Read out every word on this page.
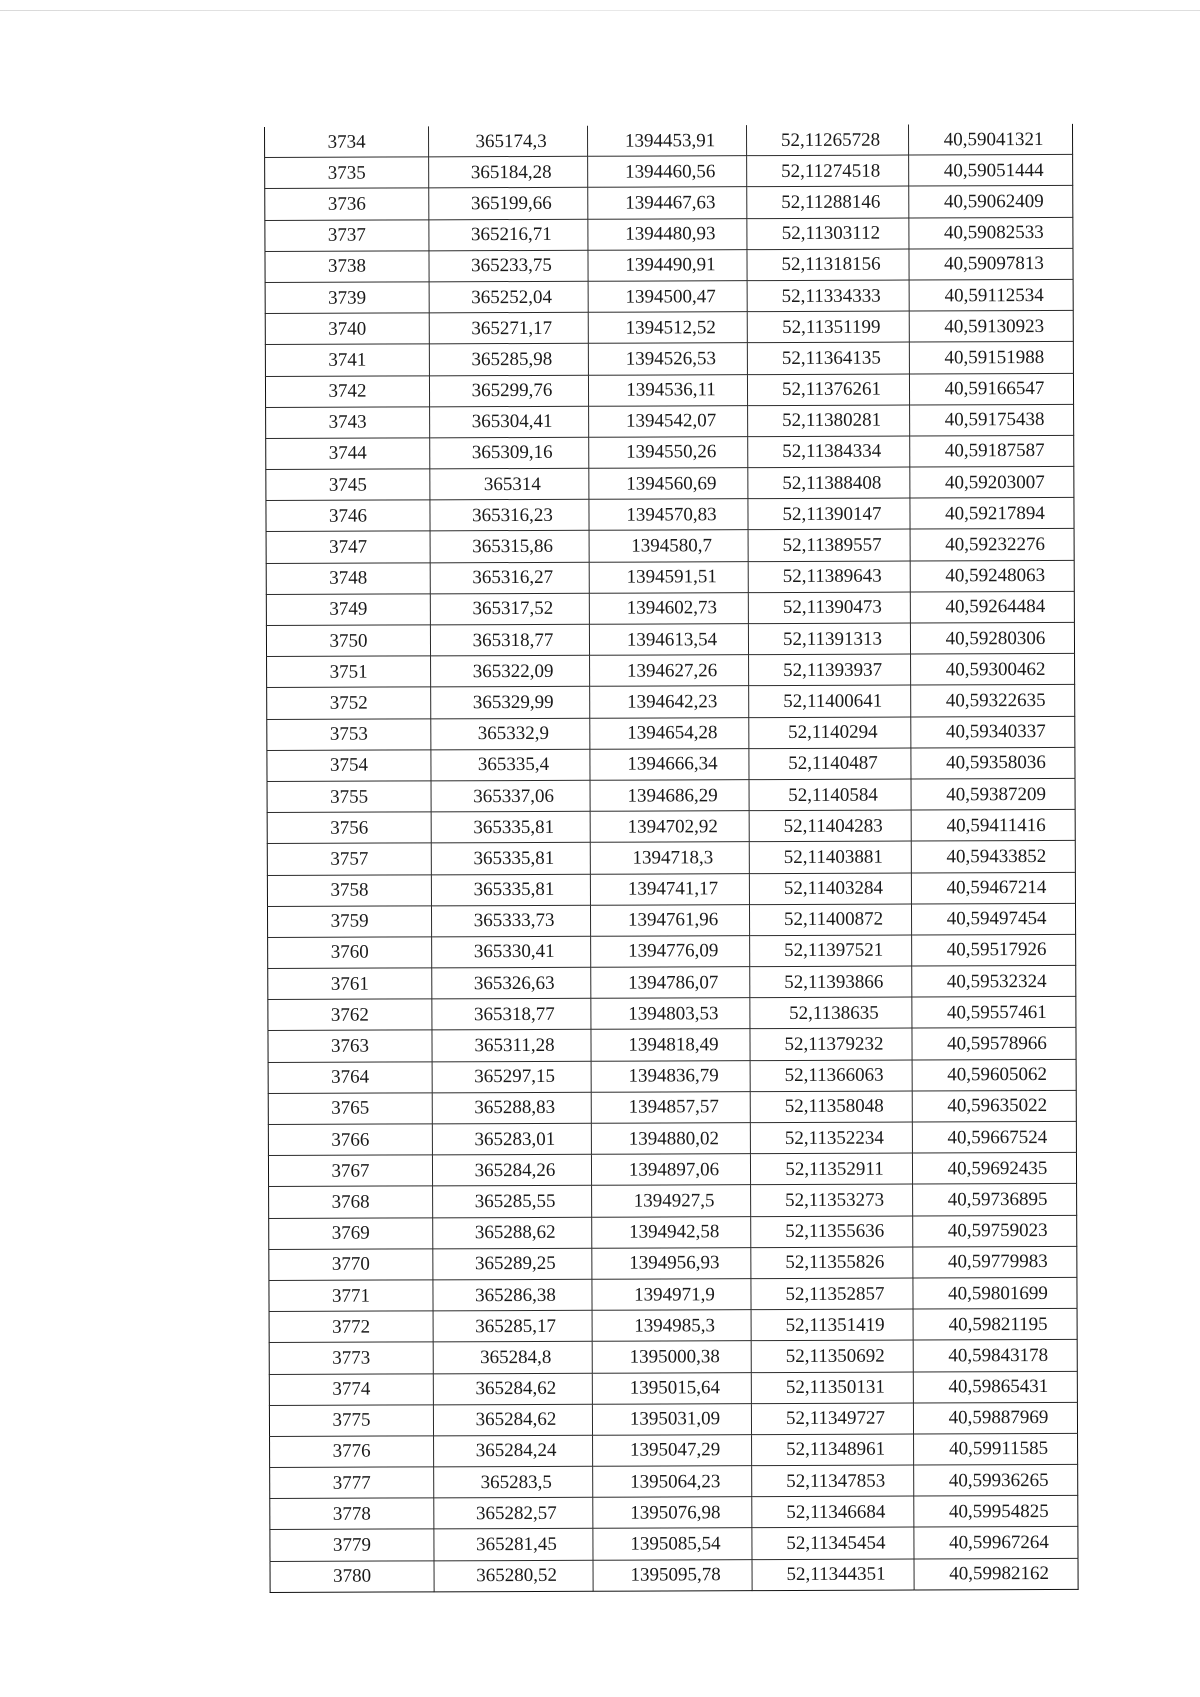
3734	365174,3	1394453,91	52,11265728	40,59041321
3735	365184,28	1394460,56	52,11274518	40,59051444
3736	365199,66	1394467,63	52,11288146	40,59062409
3737	365216,71	1394480,93	52,11303112	40,59082533
3738	365233,75	1394490,91	52,11318156	40,59097813
3739	365252,04	1394500,47	52,11334333	40,59112534
3740	365271,17	1394512,52	52,11351199	40,59130923
3741	365285,98	1394526,53	52,11364135	40,59151988
3742	365299,76	1394536,11	52,11376261	40,59166547
3743	365304,41	1394542,07	52,11380281	40,59175438
3744	365309,16	1394550,26	52,11384334	40,59187587
3745	365314	1394560,69	52,11388408	40,59203007
3746	365316,23	1394570,83	52,11390147	40,59217894
3747	365315,86	1394580,7	52,11389557	40,59232276
3748	365316,27	1394591,51	52,11389643	40,59248063
3749	365317,52	1394602,73	52,11390473	40,59264484
3750	365318,77	1394613,54	52,11391313	40,59280306
3751	365322,09	1394627,26	52,11393937	40,59300462
3752	365329,99	1394642,23	52,11400641	40,59322635
3753	365332,9	1394654,28	52,1140294	40,59340337
3754	365335,4	1394666,34	52,1140487	40,59358036
3755	365337,06	1394686,29	52,1140584	40,59387209
3756	365335,81	1394702,92	52,11404283	40,59411416
3757	365335,81	1394718,3	52,11403881	40,59433852
3758	365335,81	1394741,17	52,11403284	40,59467214
3759	365333,73	1394761,96	52,11400872	40,59497454
3760	365330,41	1394776,09	52,11397521	40,59517926
3761	365326,63	1394786,07	52,11393866	40,59532324
3762	365318,77	1394803,53	52,1138635	40,59557461
3763	365311,28	1394818,49	52,11379232	40,59578966
3764	365297,15	1394836,79	52,11366063	40,59605062
3765	365288,83	1394857,57	52,11358048	40,59635022
3766	365283,01	1394880,02	52,11352234	40,59667524
3767	365284,26	1394897,06	52,11352911	40,59692435
3768	365285,55	1394927,5	52,11353273	40,59736895
3769	365288,62	1394942,58	52,11355636	40,59759023
3770	365289,25	1394956,93	52,11355826	40,59779983
3771	365286,38	1394971,9	52,11352857	40,59801699
3772	365285,17	1394985,3	52,11351419	40,59821195
3773	365284,8	1395000,38	52,11350692	40,59843178
3774	365284,62	1395015,64	52,11350131	40,59865431
3775	365284,62	1395031,09	52,11349727	40,59887969
3776	365284,24	1395047,29	52,11348961	40,59911585
3777	365283,5	1395064,23	52,11347853	40,59936265
3778	365282,57	1395076,98	52,11346684	40,59954825
3779	365281,45	1395085,54	52,11345454	40,59967264
3780	365280,52	1395095,78	52,11344351	40,59982162
